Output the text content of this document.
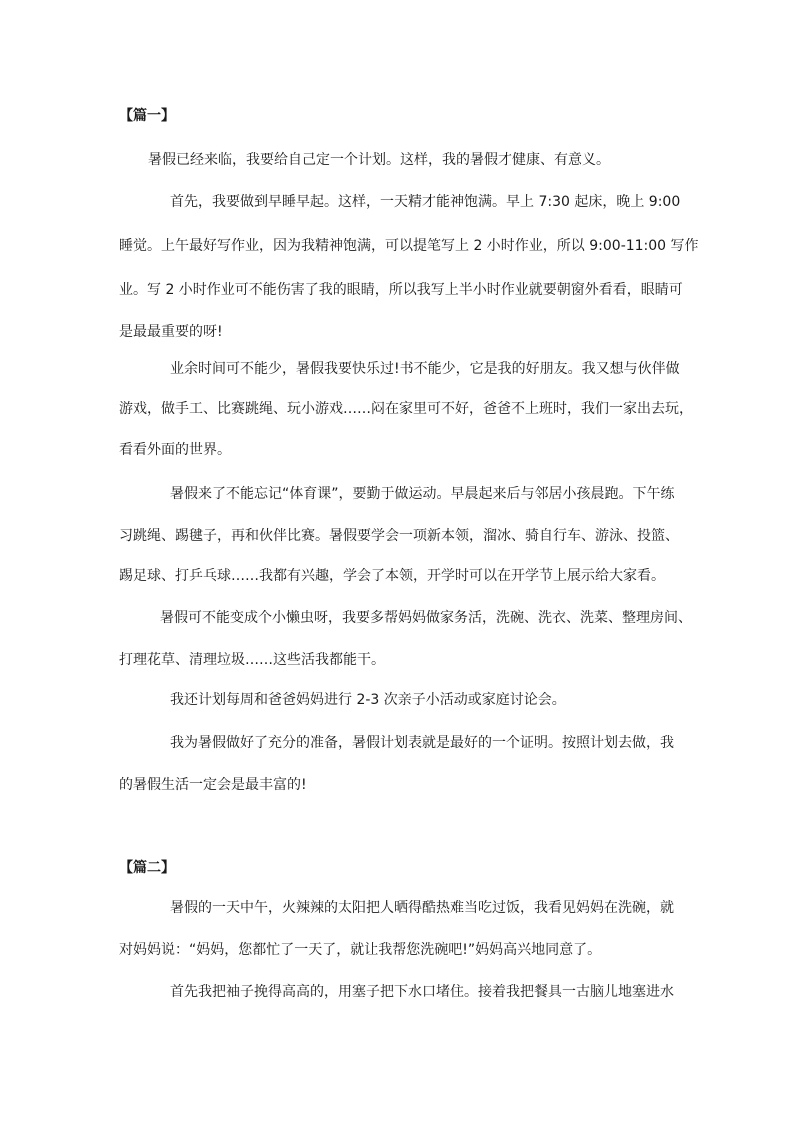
【篇一】
暑假已经来临，我要给自己定一个计划。这样，我的暑假才健康、有意义。
首先，我要做到早睡早起。这样，一天精才能神饱满。早上 7:30 起床，晚上 9:00
睡觉。上午最好写作业，因为我精神饱满，可以提笔写上 2 小时作业，所以 9:00-11:00 写作
业。写 2 小时作业可不能伤害了我的眼睛，所以我写上半小时作业就要朝窗外看看，眼睛可
是最最重要的呀!
业余时间可不能少，暑假我要快乐过!书不能少，它是我的好朋友。我又想与伙伴做
游戏，做手工、比赛跳绳、玩小游戏……闷在家里可不好，爸爸不上班时，我们一家出去玩，
看看外面的世界。
暑假来了不能忘记“体育课”，要勤于做运动。早晨起来后与邻居小孩晨跑。下午练
习跳绳、踢毽子，再和伙伴比赛。暑假要学会一项新本领，溜冰、骑自行车、游泳、投篮、
踢足球、打乒乓球……我都有兴趣，学会了本领，开学时可以在开学节上展示给大家看。
暑假可不能变成个小懒虫呀，我要多帮妈妈做家务活，洗碗、洗衣、洗菜、整理房间、
打理花草、清理垃圾……这些活我都能干。
我还计划每周和爸爸妈妈进行 2-3 次亲子小活动或家庭讨论会。
我为暑假做好了充分的准备，暑假计划表就是最好的一个证明。按照计划去做，我
的暑假生活一定会是最丰富的!
【篇二】
暑假的一天中午，火辣辣的太阳把人晒得酷热难当吃过饭，我看见妈妈在洗碗，就
对妈妈说：“妈妈，您都忙了一天了，就让我帮您洗碗吧!”妈妈高兴地同意了。
首先我把袖子挽得高高的，用塞子把下水口堵住。接着我把餐具一古脑儿地塞进水
